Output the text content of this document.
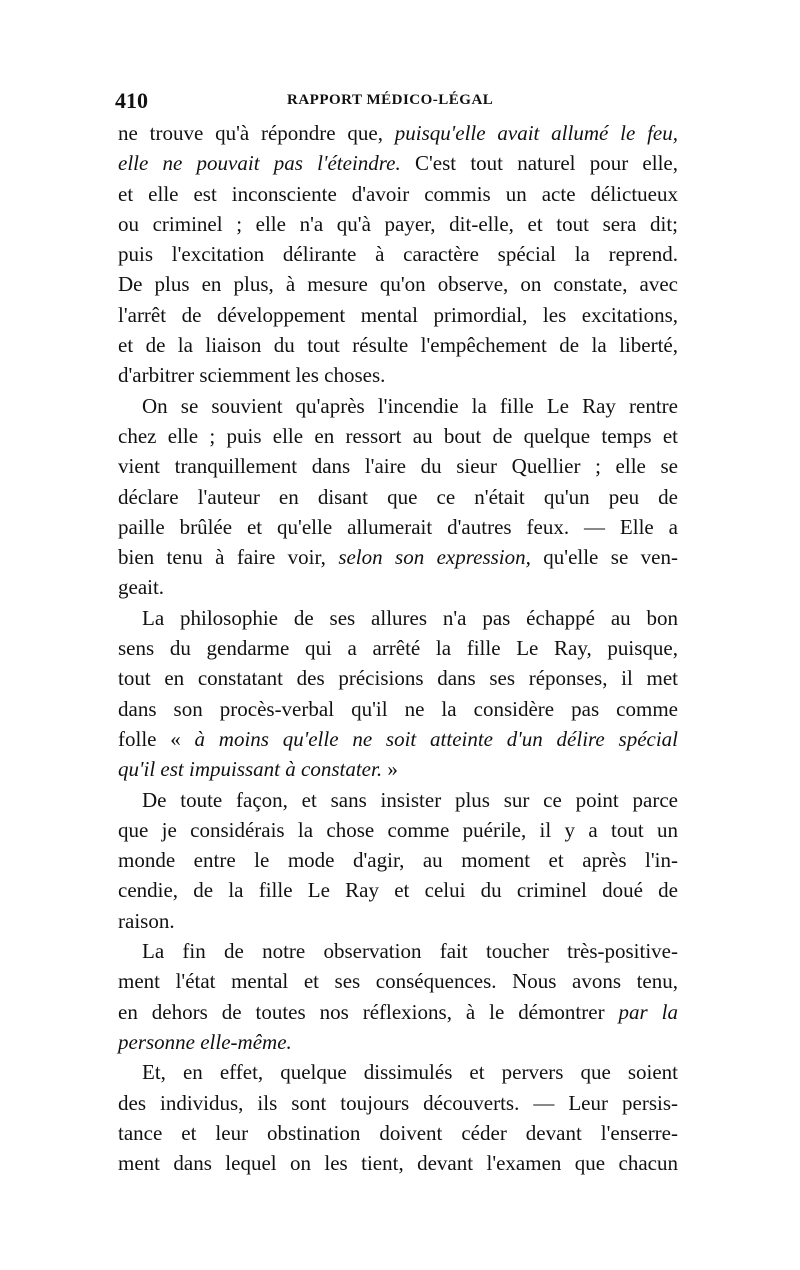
410	RAPPORT MÉDICO-LÉGAL
ne trouve qu'à répondre que, puisqu'elle avait allumé le feu,
elle ne pouvait pas l'éteindre. C'est tout naturel pour elle,
et elle est inconsciente d'avoir commis un acte délictueux
ou criminel ; elle n'a qu'à payer, dit-elle, et tout sera dit;
puis l'excitation délirante à caractère spécial la reprend.
De plus en plus, à mesure qu'on observe, on constate, avec
l'arrêt de développement mental primordial, les excitations,
et de la liaison du tout résulte l'empêchement de la liberté,
d'arbitrer sciemment les choses.
On se souvient qu'après l'incendie la fille Le Ray rentre
chez elle ; puis elle en ressort au bout de quelque temps et
vient tranquillement dans l'aire du sieur Quellier ; elle se
déclare l'auteur en disant que ce n'était qu'un peu de
paille brûlée et qu'elle allumerait d'autres feux. — Elle a
bien tenu à faire voir, selon son expression, qu'elle se ven-
geait.
La philosophie de ses allures n'a pas échappé au bon
sens du gendarme qui a arrêté la fille Le Ray, puisque,
tout en constatant des précisions dans ses réponses, il met
dans son procès-verbal qu'il ne la considère pas comme
folle « à moins qu'elle ne soit atteinte d'un délire spécial
qu'il est impuissant à constater. »
De toute façon, et sans insister plus sur ce point parce
que je considérais la chose comme puérile, il y a tout un
monde entre le mode d'agir, au moment et après l'in-
cendie, de la fille Le Ray et celui du criminel doué de
raison.
La fin de notre observation fait toucher très-positive-
ment l'état mental et ses conséquences. Nous avons tenu,
en dehors de toutes nos réflexions, à le démontrer par la
personne elle-même.
Et, en effet, quelque dissimulés et pervers que soient
des individus, ils sont toujours découverts. — Leur persis-
tance et leur obstination doivent céder devant l'enserre-
ment dans lequel on les tient, devant l'examen que chacun
